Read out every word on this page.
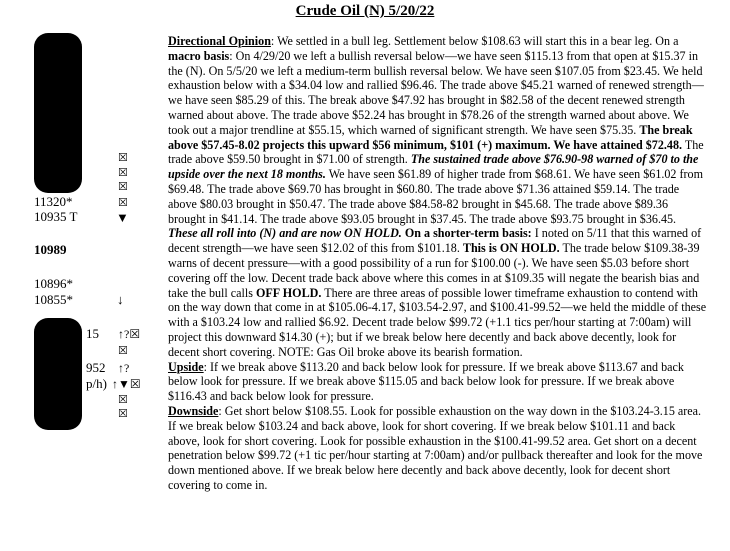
Crude Oil (N) 5/20/22
☒
☒
☒
☒
☒
☒
11320*	☒
10935 T	▼
10989
10896*
10855*	↓
15 ↑?☒
952 ↑?
p/h) ↑▼☒

Directional Opinion: We settled in a bull leg. Settlement below $108.63 will start this in a bear leg. On a macro basis: On 4/29/20 we left a bullish reversal below—we have seen $115.13 from that open at $15.37 in the (N). On 5/5/20 we left a medium-term bullish reversal below. We have seen $107.05 from $23.45. We held exhaustion below with a $34.04 low and rallied $96.46. The trade above $45.21 warned of renewed strength—we have seen $85.29 of this. The break above $47.92 has brought in $82.58 of the decent renewed strength warned about above. The trade above $52.24 has brought in $78.26 of the strength warned about above. We took out a major trendline at $55.15, which warned of significant strength. We have seen $75.35. The break above $57.45-8.02 projects this upward $56 minimum, $101 (+) maximum. We have attained $72.48. The trade above $59.50 brought in $71.00 of strength. The sustained trade above $76.90-98 warned of $70 to the upside over the next 18 months. We have seen $61.89 of higher trade from $68.61. We have seen $61.02 from $69.48. The trade above $69.70 has brought in $60.80. The trade above $71.36 attained $59.14. The trade above $80.03 brought in $50.47. The trade above $84.58-82 brought in $45.68. The trade above $89.36 brought in $41.14. The trade above $93.05 brought in $37.45. The trade above $93.75 brought in $36.45. These all roll into (N) and are now ON HOLD. On a shorter-term basis: I noted on 5/11 that this warned of decent strength—we have seen $12.02 of this from $101.18. This is ON HOLD. The trade below $109.38-39 warns of decent pressure—with a good possibility of a run for $100.00 (-). We have seen $5.03 before short covering off the low. Decent trade back above where this comes in at $109.35 will negate the bearish bias and take the bull calls OFF HOLD. There are three areas of possible lower timeframe exhaustion to contend with on the way down that come in at $105.06-4.17, $103.54-2.97, and $100.41-99.52—we held the middle of these with a $103.24 low and rallied $6.92. Decent trade below $99.72 (+1.1 tics per/hour starting at 7:00am) will project this downward $14.30 (+); but if we break below here decently and back above decently, look for decent short covering. NOTE: Gas Oil broke above its bearish formation.

Upside: If we break above $113.20 and back below look for pressure. If we break above $113.67 and back below look for pressure. If we break above $115.05 and back below look for pressure. If we break above $116.43 and back below look for pressure.

Downside: Get short below $108.55. Look for possible exhaustion on the way down in the $103.24-3.15 area. If we break below $103.24 and back above, look for short covering. If we break below $101.11 and back above, look for short covering. Look for possible exhaustion in the $100.41-99.52 area. Get short on a decent penetration below $99.72 (+1 tic per/hour starting at 7:00am) and/or pullback thereafter and look for the move down mentioned above. If we break below here decently and back above decently, look for decent short covering to come in.
